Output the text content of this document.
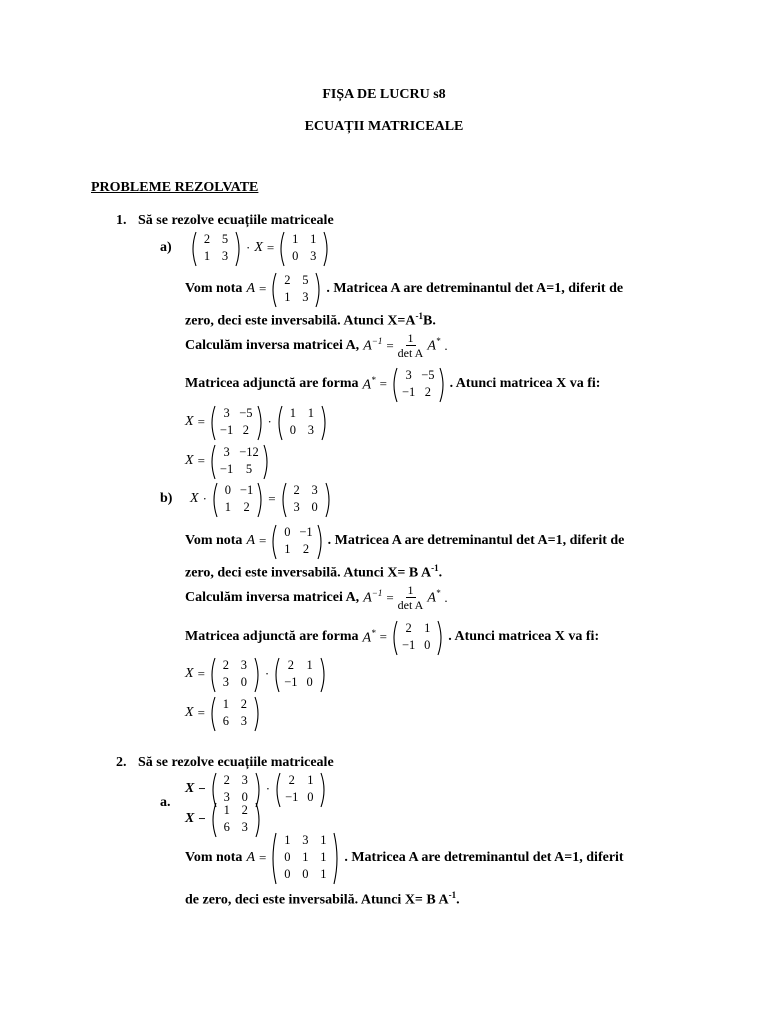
FIȘA DE LUCRU s8
ECUAȚII MATRICEALE
PROBLEME REZOLVATE
1. Să se rezolve ecuațiile matriceale
a)
2 5
1 3
· X =
1 1
0 3
Vom nota A =
2 5
1 3
. Matricea A are detreminantul det A=1, diferit de
zero, deci este inversabilă. Atunci $X=A^{-1}B$.
Calculăm inversa matricei A, $A^{-1} = \frac{1}{\text{det A}} A^*$ .
Matricea adjunctă are forma A* =
3 −5
−1 2
. Atunci matricea X va fi:
X =
3 −5
−1 2
·
1 1
0 3
X =
3 −12
−1	5
b)	X ·
0 −1
1 2
=
2 3
3 0
Vom nota A =
0 −1
1 2
. Matricea A are detreminantul det A=1, diferit de
zero, deci este inversabilă. Atunci X= B $A^{-1}$.
Calculăm inversa matricei A, $A^{-1} = \frac{1}{\text{det A}} A^*$ .
Matricea adjunctă are forma A* =
2 1
−1 0
. Atunci matricea X va fi:
X =
2 3
3 0
·
2 1
−1 0
X =
1 2
6 3
2. Să se rezolve ecuațiile matriceale
a.
X −
2 3
3 0
·
2 1
−1 0
X −
1 2
6 3
Vom nota A =
1 3 1
0 1 1
0 0 1
. Matricea A are detreminantul det A=1, diferit
de zero, deci este inversabilă. Atunci X= B $A^{-1}$.
